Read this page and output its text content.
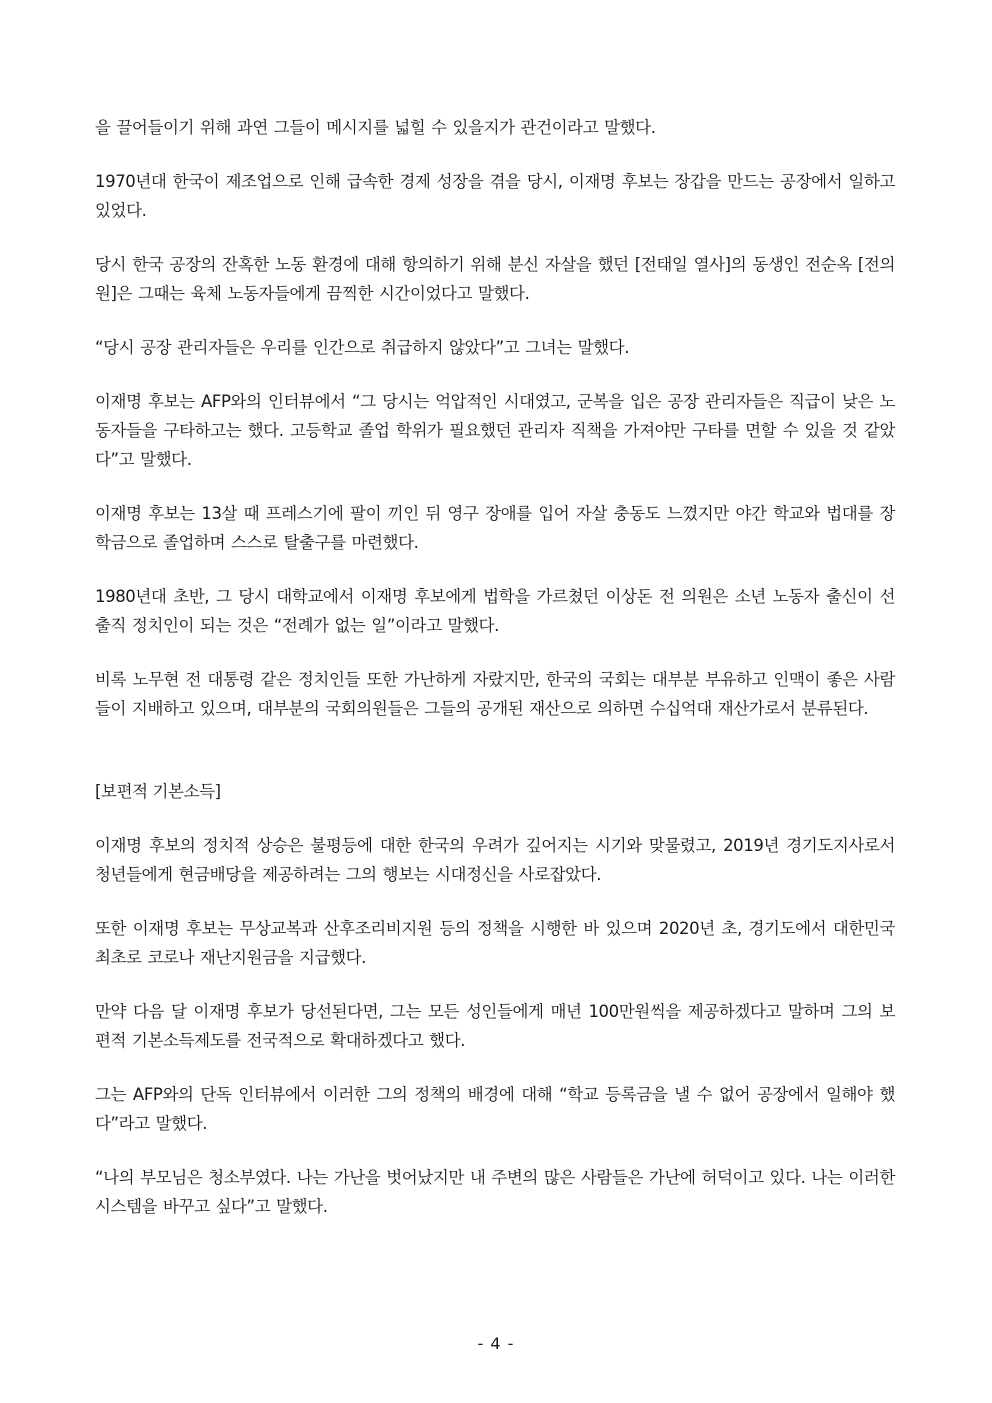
을 끌어들이기 위해 과연 그들이 메시지를 넓힐 수 있을지가 관건이라고 말했다.

1970년대 한국이 제조업으로 인해 급속한 경제 성장을 겪을 당시, 이재명 후보는 장갑을 만드는 공장에서 일하고 있었다.

당시 한국 공장의 잔혹한 노동 환경에 대해 항의하기 위해 분신 자살을 했던 [전태일 열사]의 동생인 전순옥 [전의원]은 그때는 육체 노동자들에게 끔찍한 시간이었다고 말했다.

“당시 공장 관리자들은 우리를 인간으로 취급하지 않았다”고 그녀는 말했다.

이재명 후보는 AFP와의 인터뷰에서 “그 당시는 억압적인 시대였고, 군복을 입은 공장 관리자들은 직급이 낮은 노동자들을 구타하고는 했다. 고등학교 졸업 학위가 필요했던 관리자 직책을 가져야만 구타를 면할 수 있을 것 같았다”고 말했다.

이재명 후보는 13살 때 프레스기에 팔이 끼인 뒤 영구 장애를 입어 자살 충동도 느꼈지만 야간 학교와 법대를 장학금으로 졸업하며 스스로 탈출구를 마련했다.

1980년대 초반, 그 당시 대학교에서 이재명 후보에게 법학을 가르쳤던 이상돈 전 의원은 소년 노동자 출신이 선출직 정치인이 되는 것은 “전례가 없는 일”이라고 말했다.

비록 노무현 전 대통령 같은 정치인들 또한 가난하게 자랐지만, 한국의 국회는 대부분 부유하고 인맥이 좋은 사람들이 지배하고 있으며, 대부분의 국회의원들은 그들의 공개된 재산으로 의하면 수십억대 재산가로서 분류된다.

[보편적 기본소득]

이재명 후보의 정치적 상승은 불평등에 대한 한국의 우려가 깊어지는 시기와 맞물렸고, 2019년 경기도지사로서 청년들에게 현금배당을 제공하려는 그의 행보는 시대정신을 사로잡았다.

또한 이재명 후보는 무상교복과 산후조리비지원 등의 정책을 시행한 바 있으며 2020년 초, 경기도에서 대한민국 최초로 코로나 재난지원금을 지급했다.

만약 다음 달 이재명 후보가 당선된다면, 그는 모든 성인들에게 매년 100만원씩을 제공하겠다고 말하며 그의 보편적 기본소득제도를 전국적으로 확대하겠다고 했다.

그는 AFP와의 단독 인터뷰에서 이러한 그의 정책의 배경에 대해 “학교 등록금을 낼 수 없어 공장에서 일해야 했다”라고 말했다.

“나의 부모님은 청소부였다. 나는 가난을 벗어났지만 내 주변의 많은 사람들은 가난에 허덕이고 있다. 나는 이러한 시스템을 바꾸고 싶다”고 말했다.

- 4 -
